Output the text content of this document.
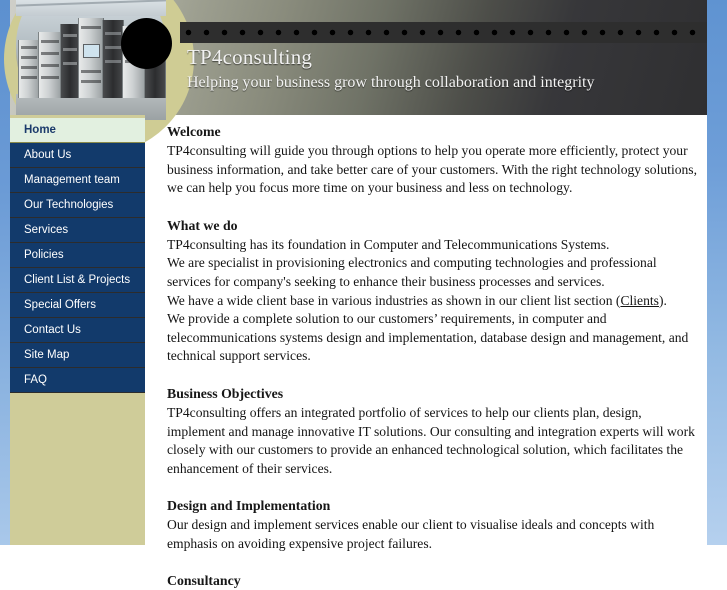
TP4consulting
Helping your business grow through collaboration and integrity
Home
About Us
Management team
Our Technologies
Services
Policies
Client List & Projects
Special Offers
Contact Us
Site Map
FAQ
Welcome

TP4consulting will guide you through options to help you operate more efficiently, protect your business information, and take better care of your customers. With the right technology solutions, we can help you focus more time on your business and less on technology.

What we do

TP4consulting has its foundation in Computer and Telecommunications Systems.

We are specialist in provisioning electronics and computing technologies and professional services for company's seeking to enhance their business processes and services.

We have a wide client base in various industries as shown in our client list section (Clients).

We provide a complete solution to our customers’ requirements, in computer and telecommunications systems design and implementation, database design and management, and technical support services.

Business Objectives

TP4consulting offers an integrated portfolio of services to help our clients plan, design, implement and manage innovative IT solutions. Our consulting and integration experts will work closely with our customers to provide an enhanced technological solution, which facilitates the enhancement of their services.

Design and Implementation

Our design and implement services enable our client to visualise ideals and concepts with emphasis on avoiding expensive project failures.

Consultancy
